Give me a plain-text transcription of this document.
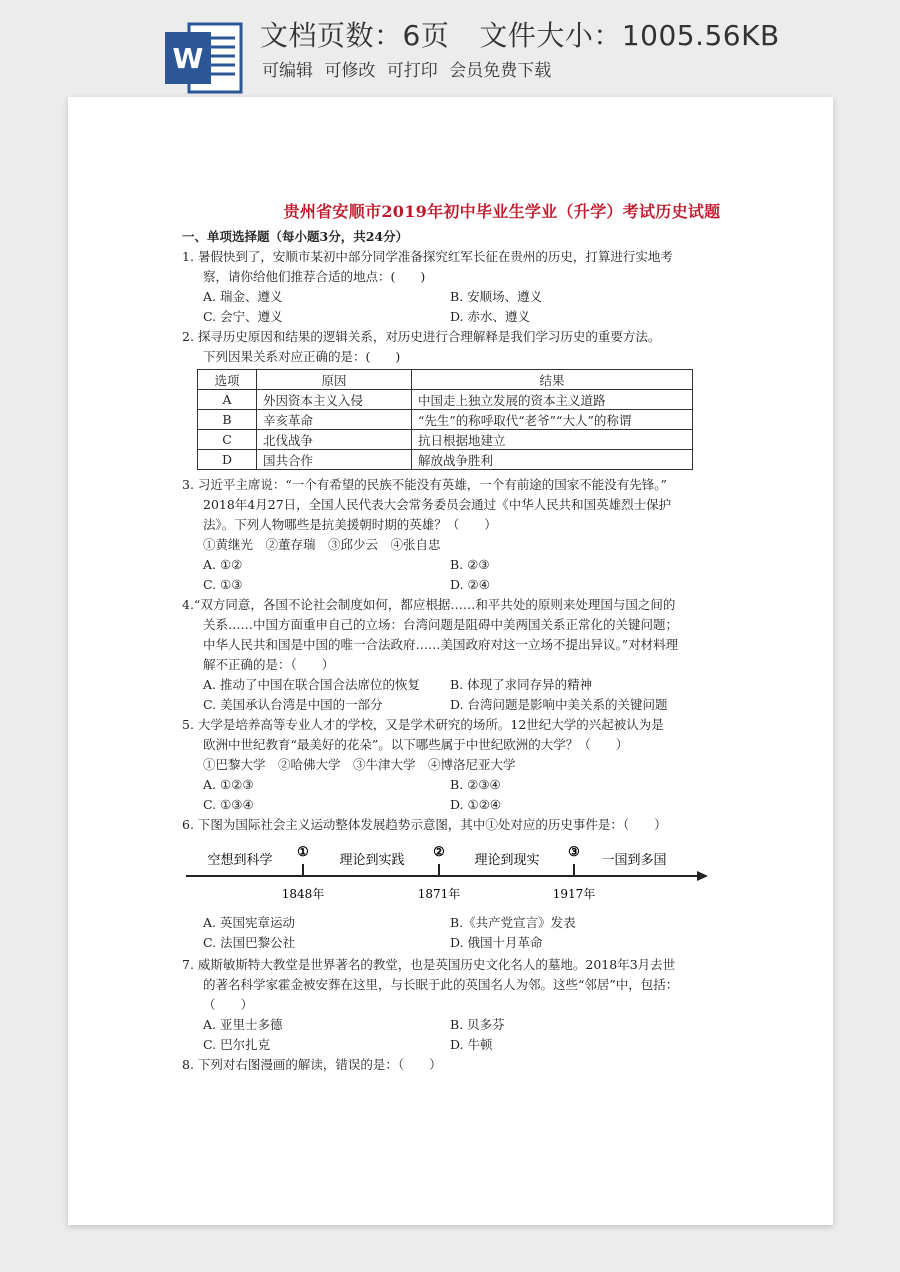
W
文档页数：6页 文件大小：1005.56KB
可编辑 可修改 可打印 会员免费下载
贵州省安顺市2019年初中毕业生学业（升学）考试历史试题
一、单项选择题（每小题3分，共24分）
1. 暑假快到了，安顺市某初中部分同学准备探究红军长征在贵州的历史，打算进行实地考
察，请你给他们推荐合适的地点：(　　)
A. 瑞金、遵义	B. 安顺场、遵义
C. 会宁、遵义	D. 赤水、遵义
2. 探寻历史原因和结果的逻辑关系，对历史进行合理解释是我们学习历史的重要方法。
下列因果关系对应正确的是：(　　)
选项	原因	结果
A	外因资本主义入侵	中国走上独立发展的资本主义道路
B	辛亥革命	“先生”的称呼取代“老爷”“大人”的称谓
C	北伐战争	抗日根据地建立
D	国共合作	解放战争胜利
3. 习近平主席说：“一个有希望的民族不能没有英雄，一个有前途的国家不能没有先锋。”
2018年4月27日，全国人民代表大会常务委员会通过《中华人民共和国英雄烈士保护
法》。下列人物哪些是抗美援朝时期的英雄？（　　）
①黄继光　②董存瑞　③邱少云　④张自忠
A. ①②	B. ②③
C. ①③	D. ②④
4.“双方同意，各国不论社会制度如何，都应根据……和平共处的原则来处理国与国之间的
关系……中国方面重申自己的立场：台湾问题是阻碍中美两国关系正常化的关键问题；
中华人民共和国是中国的唯一合法政府……美国政府对这一立场不提出异议。”对材料理
解不正确的是：（　　）
A. 推动了中国在联合国合法席位的恢复 B. 体现了求同存异的精神
C. 美国承认台湾是中国的一部分	D. 台湾问题是影响中美关系的关键问题
5. 大学是培养高等专业人才的学校，又是学术研究的场所。12世纪大学的兴起被认为是
欧洲中世纪教育“最美好的花朵”。以下哪些属于中世纪欧洲的大学？（　　）
①巴黎大学　②哈佛大学　③牛津大学　④博洛尼亚大学
A. ①②③	B. ②③④
C. ①③④	D. ①②④
6. 下图为国际社会主义运动整体发展趋势示意图，其中①处对应的历史事件是：（　　）
空想到科学	理论到实践	理论到现实	一国到多国
①	②	③
1848年	1871年	1917年
A. 英国宪章运动	B.《共产党宣言》发表
C. 法国巴黎公社	D. 俄国十月革命
7. 威斯敏斯特大教堂是世界著名的教堂，也是英国历史文化名人的墓地。2018年3月去世
的著名科学家霍金被安葬在这里，与长眠于此的英国名人为邻。这些“邻居”中，包括：
（　　）
A. 亚里士多德	B. 贝多芬
C. 巴尔扎克	D. 牛顿
8. 下列对右图漫画的解读，错误的是：（　　）
